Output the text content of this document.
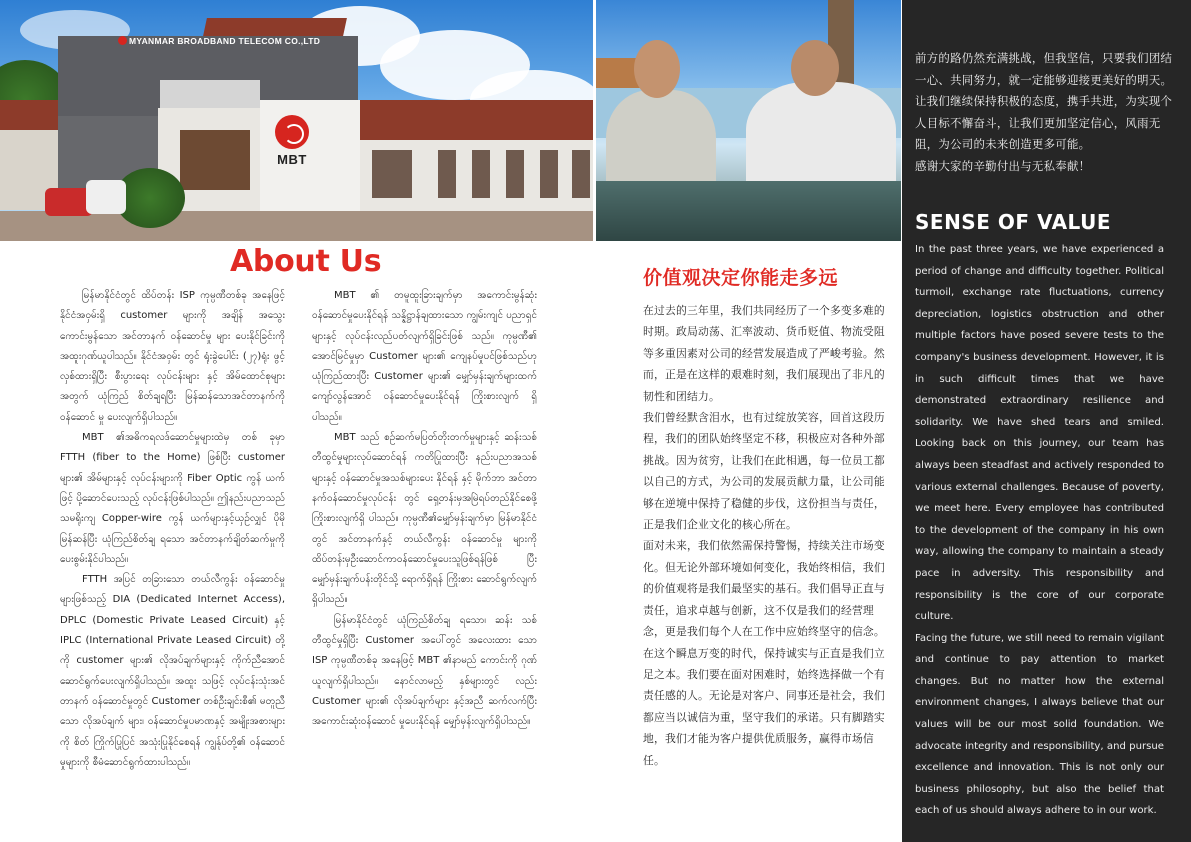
MYANMAR BROADBAND TELECOM CO.,LTD
MBT
About Us

မြန်မာနိုင်ငံတွင် ထိပ်တန်း ISP ကုမ္ပဏီတစ်ခု အနေဖြင့် နိုင်ငံအဝှမ်းရှိ customer များကို အချိန် အသွေးကောင်းမွန်သော အင်တာနက် ဝန်ဆောင်မှု များ ပေးနိုင်ခြင်းကို အထူးဂုဏ်ယူပါသည်။ နိုင်ငံအဝှမ်း တွင် ရုံးခွဲပေါင်း (၂၇)ရုံး ဖွင့်လှစ်ထားရှိပြီး စီးပွားရေး လုပ်ငန်းများ နှင့် အိမ်ထောင်စုများအတွက် ယုံကြည် စိတ်ချရပြီး မြန်ဆန်သောအင်တာနက်ကို ဝန်ဆောင် မှု ပေးလျက်ရှိပါသည်။

MBT ၏အဓိကရလဒ်ဆောင်မှုများထဲမှ တစ် ခုမှာ FTTH (fiber to the Home) ဖြစ်ပြီး customer များ၏ အိမ်များနှင့် လုပ်ငန်းများကို Fiber Optic ကွန် ယက်ဖြင့် ပို့ဆောင်ပေးသည့် လုပ်ငန်းဖြစ်ပါသည်။ ဤနည်းပညာသည် သမရိုးကျ Copper-wire ကွန် ယက်များနှင့်ယှဉ်လျှင် ပိုမိုမြန်ဆန်ပြီး ယုံကြည်စိတ်ချ ရသော အင်တာနက်ချိတ်ဆက်မှုကို ပေးစွမ်းနိုင်ပါသည်။

FTTH အပြင် တခြားသော တယ်လီကွန်း ဝန်ဆောင်မှုများဖြစ်သည့် DIA (Dedicated Internet Access), DPLC (Domestic Private Leased Circuit) နှင့် IPLC (International Private Leased Circuit) တို့ကို customer များ၏ လိုအပ်ချက်များနှင့် ကိုက်ညီအောင် ဆောင်ရွက်ပေးလျက်ရှိပါသည်။ အထူး သဖြင့် လုပ်ငန်းသုံးအင်တာနက် ဝန်ဆောင်မှုတွင် Customer တစ်ဦးချင်းစီ၏ မတူညီသော လိုအပ်ချက် များ၊ ဝန်ဆောင်မှုပမာဏနှင့် အမျိုးအစားများကို စိတ် ကြိုက်ပြုပြင် အသုံးပြုနိုင်စေရန် ကျွန်ုပ်တို့၏ ဝန်ဆောင် မှုများကို စီမံဆောင်ရွက်ထားပါသည်။

MBT ၏ တမူထူးခြားချက်မှာ အကောင်းမွန်ဆုံး ဝန်ဆောင်မှုပေးနိုင်ရန် သန္နိဋ္ဌာန်ချထားသော ကျွမ်းကျင် ပညာရှင်များနှင့် လုပ်ငန်းလည်ပတ်လျက်ရှိခြင်းဖြစ် သည်။ ကုမ္ပဏီ၏ အောင်မြင်မှုမှာ Customer များ၏ ကျေနပ်မှုပင်ဖြစ်သည်ဟု ယုံကြည်ထားပြီး Customer များ၏ မျှော်မှန်းချက်များထက် ကျော်လွန်အောင် ဝန်ဆောင်မှုပေးနိုင်ရန် ကြိုးစားလျက် ရှိပါသည်။

MBT သည် စဉ်ဆက်မပြတ်တိုးတက်မှုများနှင့် ဆန်းသစ်တီထွင်မှုများလုပ်ဆောင်ရန် ကတိပြုထားပြီး နည်းပညာအသစ် များနှင့် ဝန်ဆောင်မှုအသစ်များပေး နိုင်ရန် နှင့် မိုက်ဘာ အင်တာနက်ဝန်ဆောင်မှုလုပ်ငန်း တွင် ရှေ့တန်းမှအမြဲရပ်တည်နိုင်စေဖို့ ကြိုးစားလျက်ရှိ ပါသည်။ ကုမ္ပဏီ၏မျှော်မှန်းချက်မှာ မြန်မာနိုင်ငံ တွင် အင်တာနက်နှင့် တယ်လီကွန်း ဝန်ဆောင်မှု များကို ထိပ်တန်းမှဦးဆောင်ကာဝန်ဆောင်မှုပေးသူဖြစ်ရန်ဖြစ် ပြီး မျှော်မှန်းချက်ပန်းတိုင်သို့ ရောက်ရှိရန် ကြိုးစား ဆောင်ရွက်လျက်ရှိပါသည်။

မြန်မာနိုင်ငံတွင် ယုံကြည်စိတ်ချ ရသော၊ ဆန်း သစ်တီထွင်မှုရှိပြီး Customer အပေါ်တွင် အလေးထား သော ISP ကုမ္ပဏီတစ်ခု အနေဖြင့် MBT ၏နာမည် ကောင်းကို ဂုဏ်ယူလျက်ရှိပါသည်။ နောင်လာမည့် နှစ်များတွင် လည်း Customer များ၏ လိုအပ်ချက်များ နှင့်အညီ ဆက်လက်ပြီး အကောင်းဆုံးဝန်ဆောင် မှုပေးနိုင်ရန် မျှော်မှန်းလျက်ရှိပါသည်။

价值观决定你能走多远

在过去的三年里，我们共同经历了一个多变多难的时期。政局动荡、汇率波动、货币贬值、物流受阻等多重因素对公司的经营发展造成了严峻考验。然而，正是在这样的艰难时刻，我们展现出了非凡的韧性和团结力。

我们曾经默含泪水，也有过绽放笑容，回首这段历程，我们的团队始终坚定不移，积极应对各种外部挑战。因为贫穷，让我们在此相遇，每一位员工都以自己的方式，为公司的发展贡献力量，让公司能够在逆境中保持了稳健的步伐，这份担当与责任，正是我们企业文化的核心所在。

面对未来，我们依然需保持警惕，持续关注市场变化。但无论外部环境如何变化，我始终相信，我们的价值观将是我们最坚实的基石。我们倡导正直与责任，追求卓越与创新，这不仅是我们的经营理念，更是我们每个人在工作中应始终坚守的信念。

在这个瞬息万变的时代，保持诚实与正直是我们立足之本。我们要在面对困难时，始终选择做一个有责任感的人。无论是对客户、同事还是社会，我们都应当以诚信为重，坚守我们的承诺。只有脚踏实地，我们才能为客户提供优质服务，赢得市场信任。

前方的路仍然充满挑战，但我坚信，只要我们团结一心、共同努力，就一定能够迎接更美好的明天。让我们继续保持积极的态度，携手共进，为实现个人目标不懈奋斗，让我们更加坚定信心，风雨无阻，为公司的未来创造更多可能。
感谢大家的辛勤付出与无私奉献！
SENSE OF VALUE

In the past three years, we have experienced a period of change and difficulty together. Political turmoil, exchange rate fluctuations, currency depreciation, logistics obstruction and other multiple factors have posed severe tests to the company's business development. However, it is in such difficult times that we have demonstrated extraordinary resilience and solidarity. We have shed tears and smiled. Looking back on this journey, our team has always been steadfast and actively responded to various external challenges. Because of poverty, we meet here. Every employee has contributed to the development of the company in his own way, allowing the company to maintain a steady pace in adversity. This responsibility and responsibility is the core of our corporate culture.

Facing the future, we still need to remain vigilant and continue to pay attention to market changes. But no matter how the external environment changes, I always believe that our values will be our most solid foundation. We advocate integrity and responsibility, and pursue excellence and innovation. This is not only our business philosophy, but also the belief that each of us should always adhere to in our work.
